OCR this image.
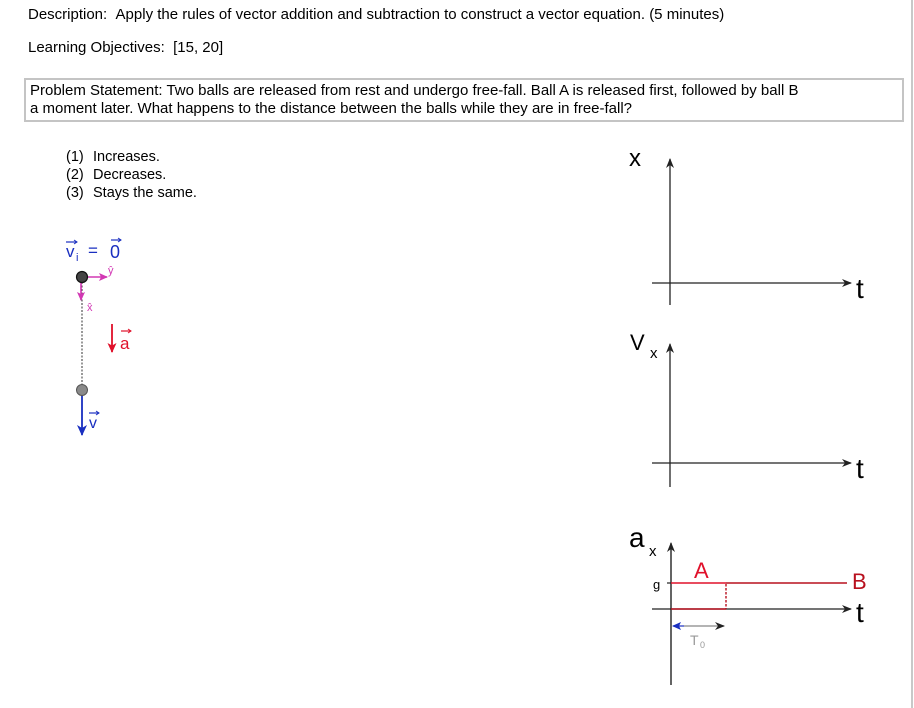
Description: Apply the rules of vector addition and subtraction to construct a vector equation. (5 minutes)
Learning Objectives: [15, 20]
Problem Statement: Two balls are released from rest and undergo free-fall. Ball A is released first, followed by ball B
a moment later. What happens to the distance between the balls while they are in free-fall?
(1) Increases.
(2) Decreases.
(3) Stays the same.
v i = 0
ŷ
x̂
a
v
x
t
V x
t
a x
g
A	B
t
T 0
